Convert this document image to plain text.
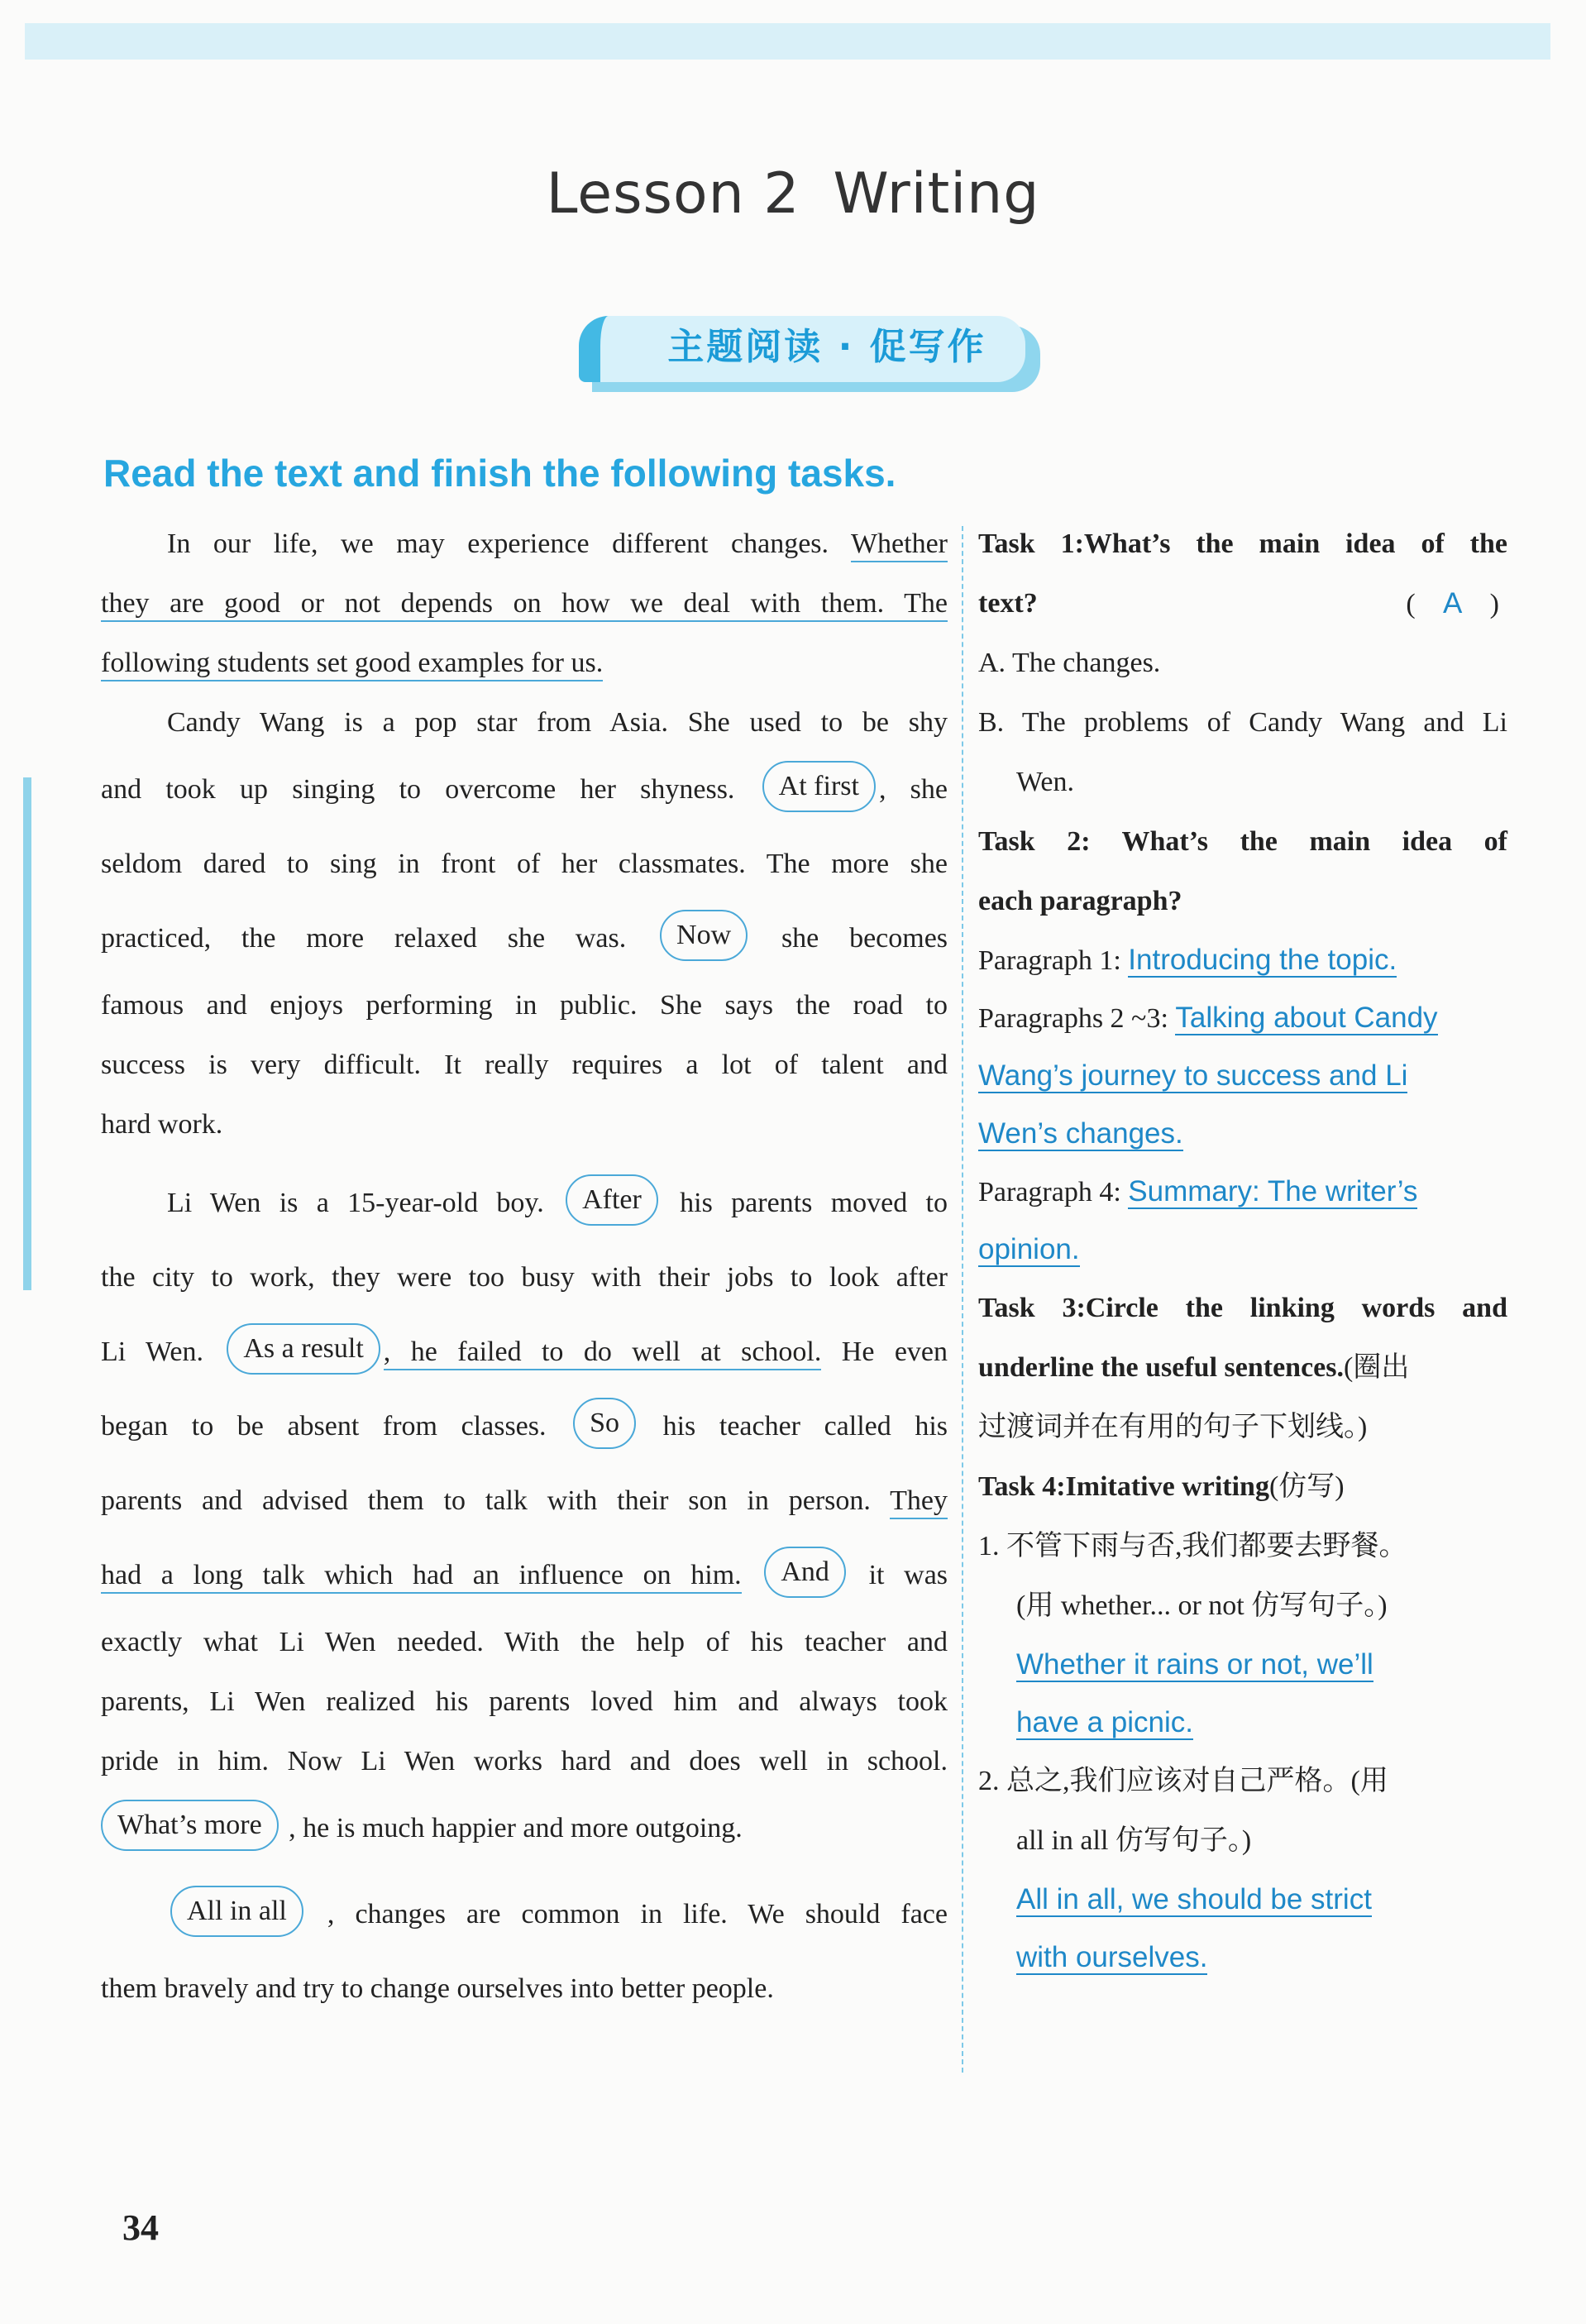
Lesson 2 Writing
主题阅读 · 促写作
Read the text and finish the following tasks.
In our life, we may experience different changes. Whether
they are good or not depends on how we deal with them. The
following students set good examples for us.
Candy Wang is a pop star from Asia. She used to be shy
and took up singing to overcome her shyness. At first , she
seldom dared to sing in front of her classmates. The more she
practiced, the more relaxed she was. Now she becomes
famous and enjoys performing in public. She says the road to
success is very difficult. It really requires a lot of talent and
hard work.
Li Wen is a 15-year-old boy. After his parents moved to
the city to work, they were too busy with their jobs to look after
Li Wen. As a result , he failed to do well at school. He even
began to be absent from classes. So his teacher called his
parents and advised them to talk with their son in person. They
had a long talk which had an influence on him. And it was
exactly what Li Wen needed. With the help of his teacher and
parents, Li Wen realized his parents loved him and always took
pride in him. Now Li Wen works hard and does well in school.
What’s more , he is much happier and more outgoing.
All in all , changes are common in life. We should face
them bravely and try to change ourselves into better people.
Task 1:What’s the main idea of the
text?	( A )
A. The changes.
B. The problems of Candy Wang and Li
Wen.
Task 2: What’s the main idea of
each paragraph?
Paragraph 1: Introducing the topic.
Paragraphs 2 ~3: Talking about Candy
Wang’s journey to success and Li
Wen’s changes.
Paragraph 4: Summary: The writer’s
opinion.
Task 3:Circle the linking words and
underline the useful sentences.(圈出
过渡词并在有用的句子下划线。)
Task 4:Imitative writing(仿写)
1. 不管下雨与否,我们都要去野餐。
(用 whether... or not 仿写句子。)
Whether it rains or not, we’ll
have a picnic.
2. 总之,我们应该对自己严格。(用
all in all 仿写句子。)
All in all, we should be strict
with ourselves.
34
